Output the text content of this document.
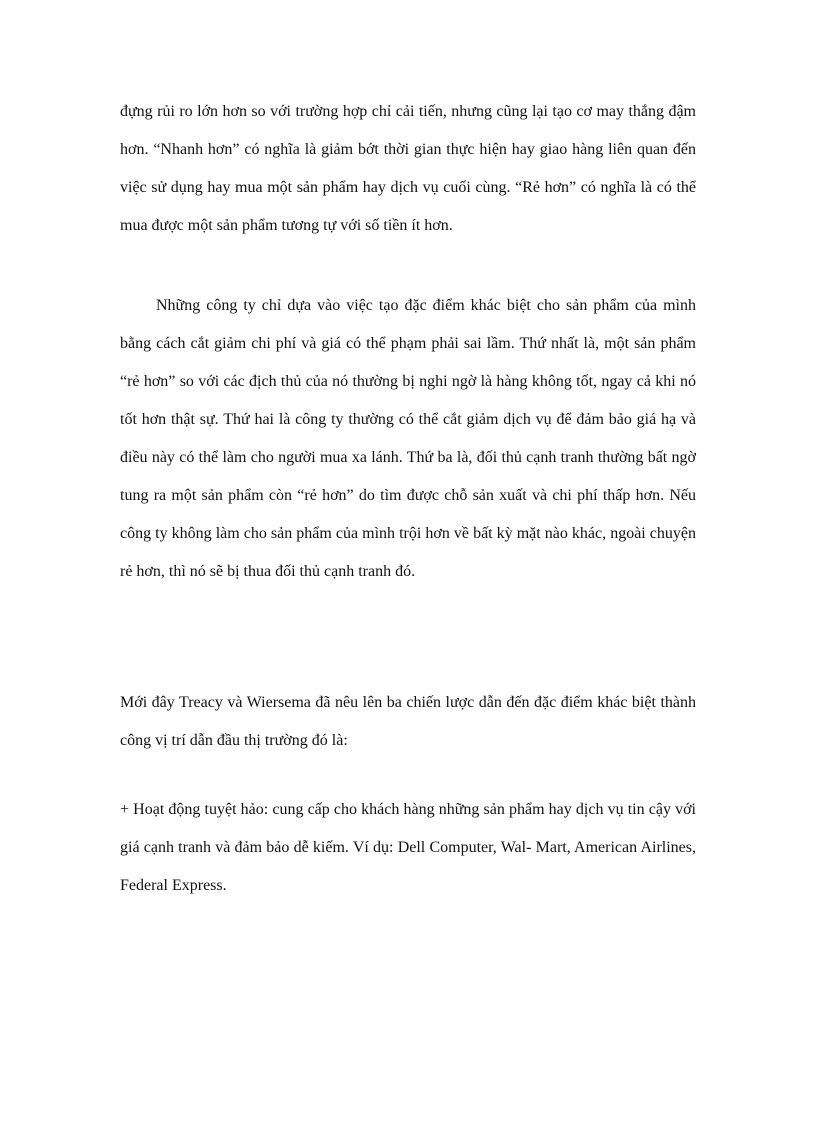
đựng rủi ro lớn hơn so với trường hợp chỉ cải tiến, nhưng cũng lại tạo cơ may thắng đậm hơn. “Nhanh hơn” có nghĩa là giảm bớt thời gian thực hiện hay giao hàng liên quan đến việc sử dụng hay mua một sản phẩm hay dịch vụ cuối cùng. “Rẻ hơn” có nghĩa là có thể mua được một sản phẩm tương tự với số tiền ít hơn.

Những công ty chỉ dựa vào việc tạo đặc điểm khác biệt cho sản phẩm của mình bằng cách cắt giảm chi phí và giá có thể phạm phải sai lầm. Thứ nhất là, một sản phẩm “rẻ hơn” so với các địch thủ của nó thường bị nghi ngờ là hàng không tốt, ngay cả khi nó tốt hơn thật sự. Thứ hai là công ty thường có thể cắt giảm dịch vụ để đảm bảo giá hạ và điều này có thể làm cho người mua xa lánh. Thứ ba là, đối thủ cạnh tranh thường bất ngờ tung ra một sản phẩm còn “rẻ hơn” do tìm được chỗ sản xuất và chi phí thấp hơn. Nếu công ty không làm cho sản phẩm của mình trội hơn về bất kỳ mặt nào khác, ngoài chuyện rẻ hơn, thì nó sẽ bị thua đối thủ cạnh tranh đó.

Mới đây Treacy và Wiersema đã nêu lên ba chiến lược dẫn đến đặc điểm khác biệt thành công vị trí dẫn đầu thị trường đó là:

+ Hoạt động tuyệt hảo: cung cấp cho khách hàng những sản phẩm hay dịch vụ tin cậy với giá cạnh tranh và đảm bảo dễ kiếm. Ví dụ: Dell Computer, Wal- Mart, American Airlines, Federal Express.
